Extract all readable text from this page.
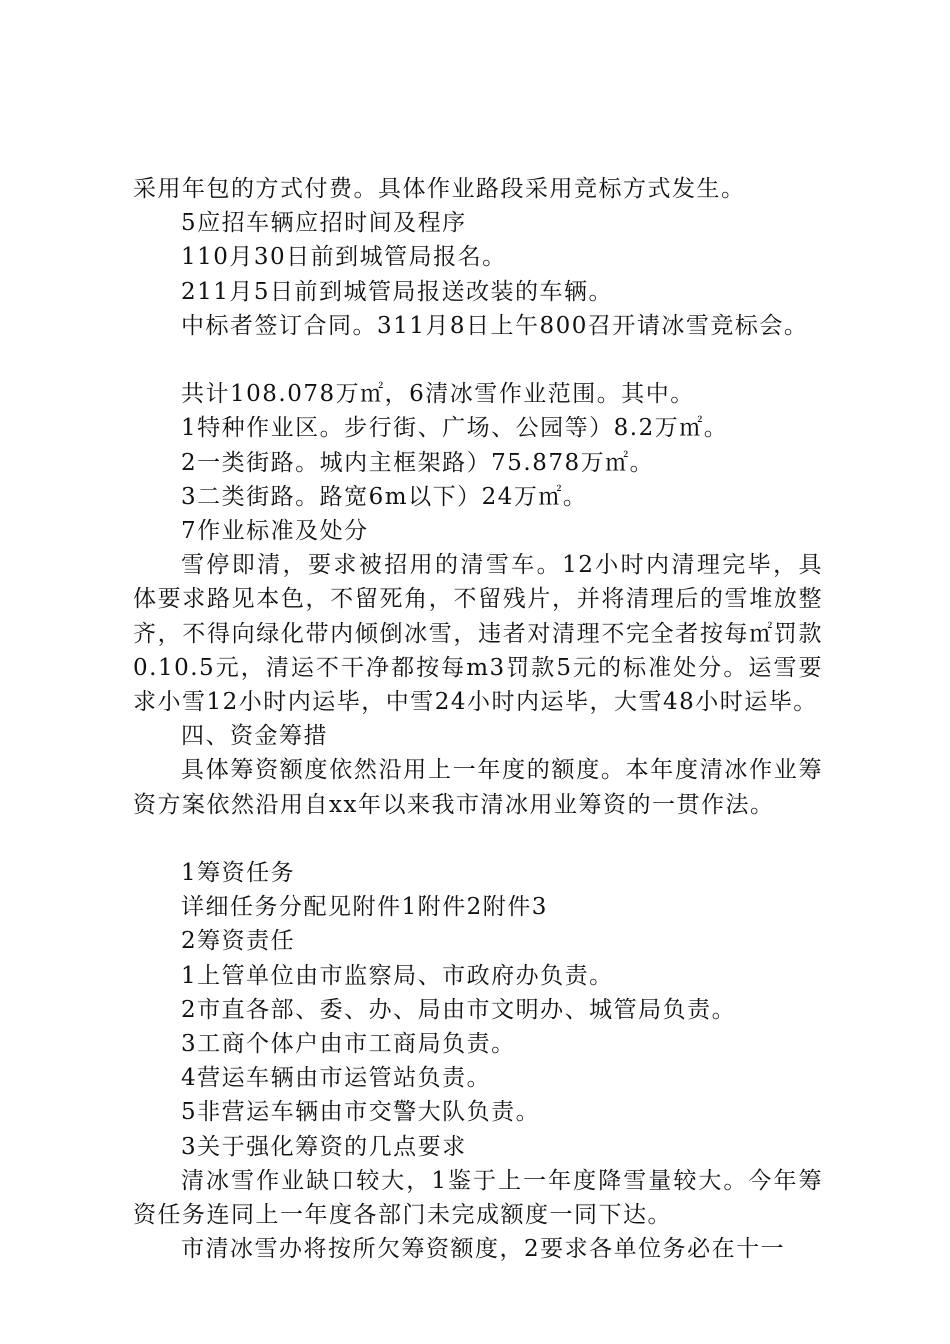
采用年包的方式付费。具体作业路段采用竞标方式发生。

5应招车辆应招时间及程序

110月30日前到城管局报名。

211月5日前到城管局报送改装的车辆。

中标者签订合同。311月8日上午800召开请冰雪竞标会。

共计108.078万㎡，6清冰雪作业范围。其中。

1特种作业区。步行街、广场、公园等）8.2万㎡。

2一类街路。城内主框架路）75.878万㎡。

3二类街路。路宽6m以下）24万㎡。

7作业标准及处分

雪停即清，要求被招用的清雪车。12小时内清理完毕，具体要求路见本色，不留死角，不留残片，并将清理后的雪堆放整齐，不得向绿化带内倾倒冰雪，违者对清理不完全者按每㎡罚款0.10.5元，清运不干净都按每m3罚款5元的标准处分。运雪要求小雪12小时内运毕，中雪24小时内运毕，大雪48小时运毕。

四、资金筹措

具体筹资额度依然沿用上一年度的额度。本年度清冰作业筹资方案依然沿用自xx年以来我市清冰用业筹资的一贯作法。

1筹资任务

详细任务分配见附件1附件2附件3

2筹资责任

1上管单位由市监察局、市政府办负责。

2市直各部、委、办、局由市文明办、城管局负责。

3工商个体户由市工商局负责。

4营运车辆由市运管站负责。

5非营运车辆由市交警大队负责。

3关于强化筹资的几点要求

清冰雪作业缺口较大，1鉴于上一年度降雪量较大。今年筹资任务连同上一年度各部门未完成额度一同下达。

市清冰雪办将按所欠筹资额度，2要求各单位务必在十一
